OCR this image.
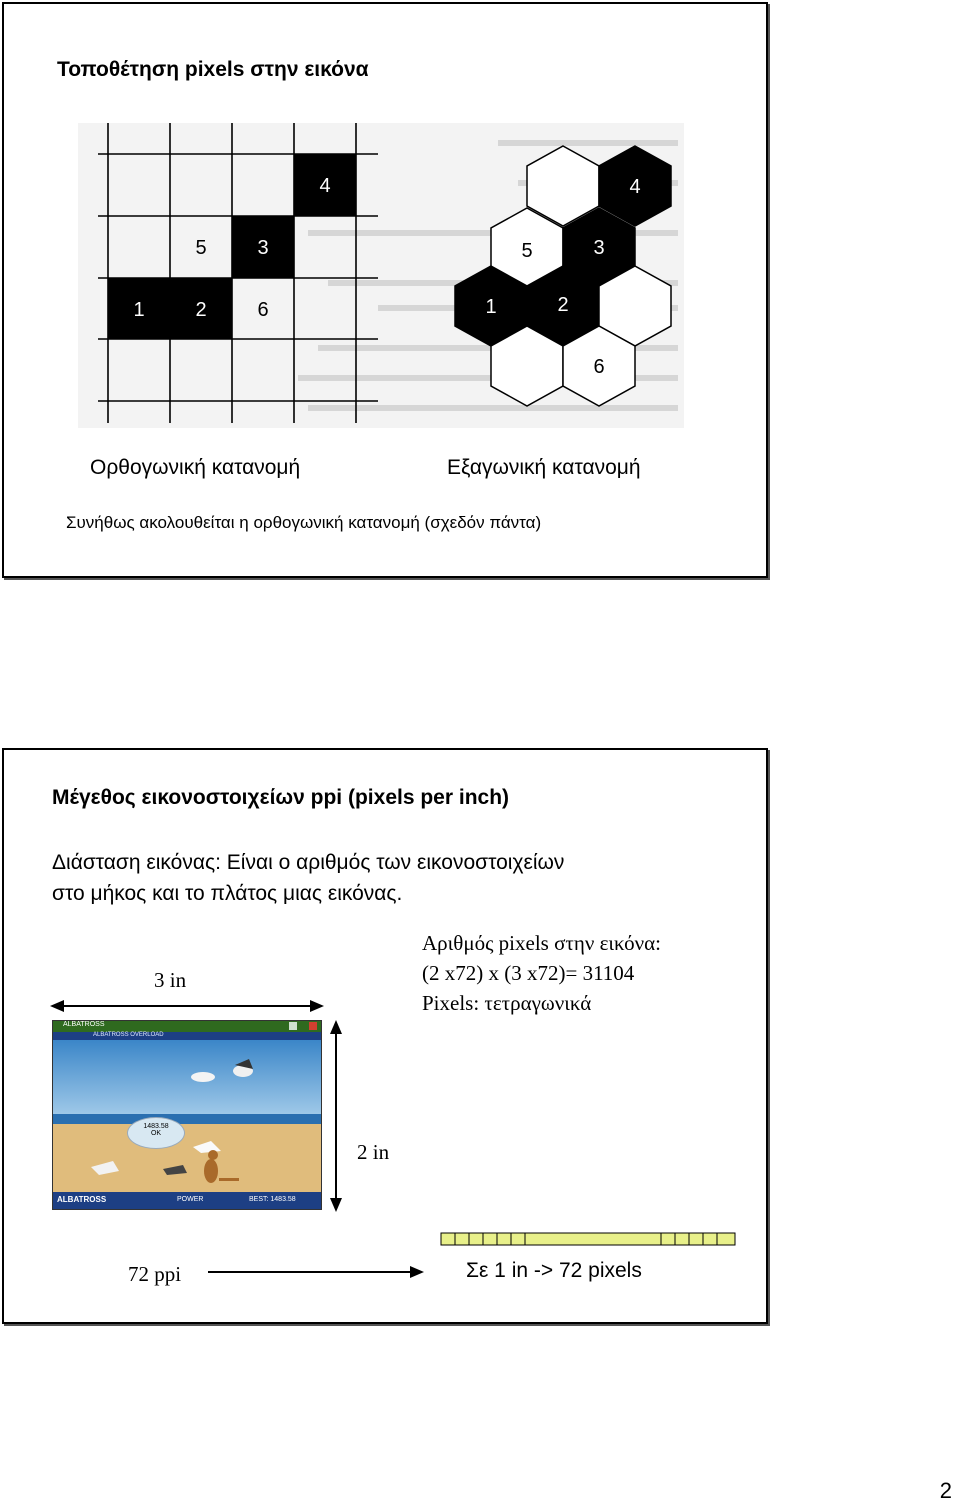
Τοποθέτηση pixels στην εικόνα
1	2
3
4
5
6	1	2
3
4
5
6
Ορθογωνική κατανομή	Εξαγωνική κατανομή
Συνήθως ακολουθείται η ορθογωνική κατανομή (σχεδόν πάντα)
Μέγεθος εικονοστοιχείων ppi (pixels per inch)
Διάσταση εικόνας: Είναι ο αριθμός των εικονοστοιχείων
στο μήκος και το πλάτος μιας εικόνας.
Αριθμός pixels στην εικόνα:
(2 x72) x (3 x72)= 31104
Pixels: τετραγωνικά
3 in
2 in
ALBATROSS
ALBATROSS OVERLOAD
1483.58
OK
ALBATROSS	POWER	BEST: 1483.58
72 ppi	Σε 1 in -> 72 pixels
2
